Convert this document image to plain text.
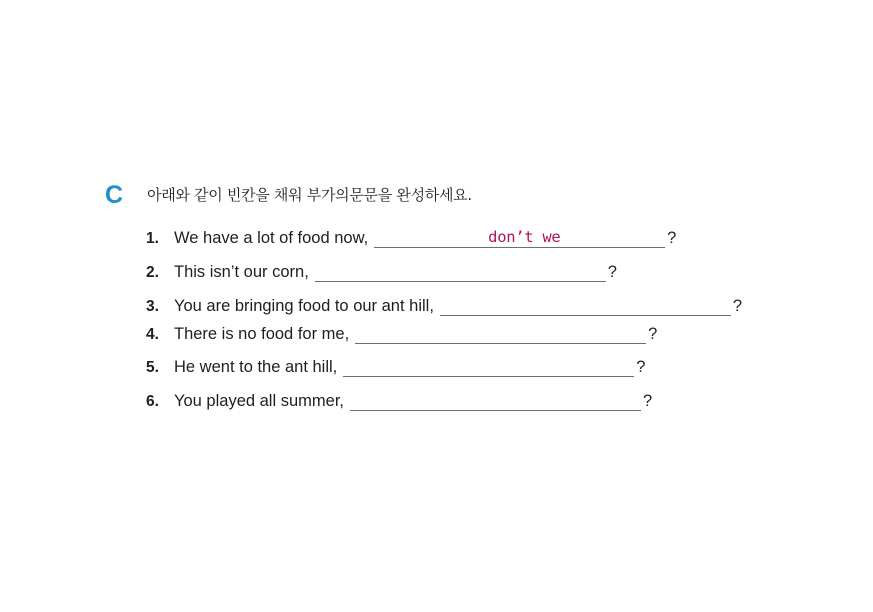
C 아래와 같이 빈칸을 채워 부가의문문을 완성하세요.
1. We have a lot of food now,	don’t we	?
2. This isn’t our corn,	?
3. You are bringing food to our ant hill,	?
4. There is no food for me,	?
5. He went to the ant hill,	?
6. You played all summer,	?
